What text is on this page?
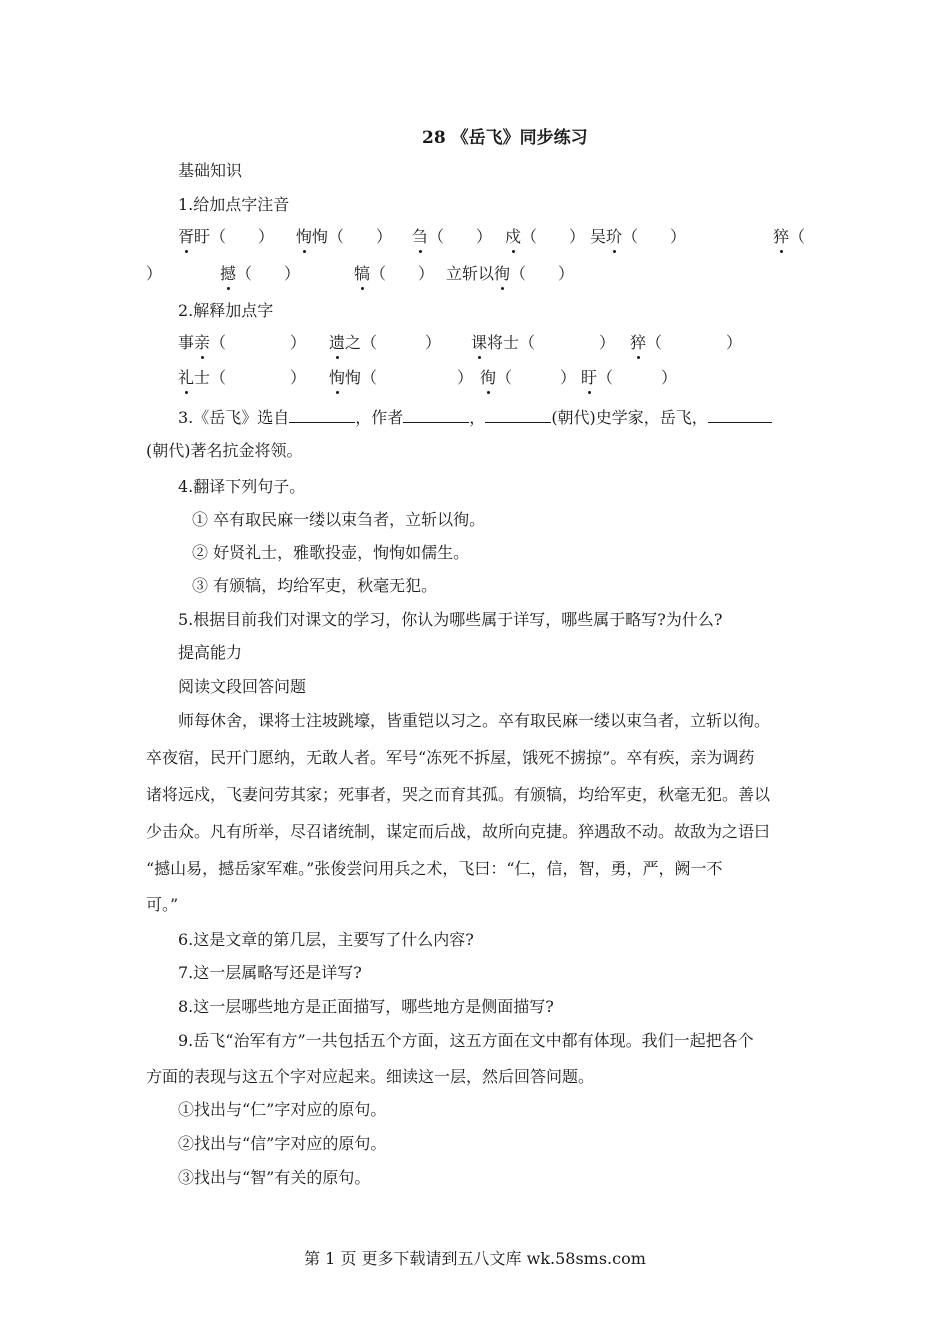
28 《岳飞》同步练习
基础知识
1.给加点字注音
胥盱（　　） 恂恂（　　） 刍（　　） 戍（　　） 吴玠（　　）	猝（
）	撼（　　）	犒（　　） 立斩以徇（　　）
2.解释加点字
事亲（　　　　） 遗之（　　　） 课将士（　　　　） 猝（　　　　）
礼士（　　　　） 恂恂（　　　　　） 徇（　　　） 盱（　　　）
3.《岳飞》选自	，作者	，	(朝代)史学家，岳飞，
(朝代)著名抗金将领。
4.翻译下列句子。
① 卒有取民麻一缕以束刍者，立斩以徇。
② 好贤礼士，雅歌投壶，恂恂如儒生。
③ 有颁犒，均给军吏，秋毫无犯。
5.根据目前我们对课文的学习，你认为哪些属于详写，哪些属于略写?为什么?
提高能力
阅读文段回答问题
师每休舍，课将士注坡跳壕，皆重铠以习之。卒有取民麻一缕以束刍者，立斩以徇。
卒夜宿，民开门愿纳，无敢人者。军号“冻死不拆屋，饿死不掳掠”。卒有疾，亲为调药
诸将远戍，飞妻问劳其家；死事者，哭之而育其孤。有颁犒，均给军吏，秋毫无犯。善以
少击众。凡有所举，尽召诸统制，谋定而后战，故所向克捷。猝遇敌不动。故敌为之语曰
“撼山易，撼岳家军难。”张俊尝问用兵之术，飞曰：“仁，信，智，勇，严，阙一不
可。”
6.这是文章的第几层，主要写了什么内容?
7.这一层属略写还是详写?
8.这一层哪些地方是正面描写，哪些地方是侧面描写?
9.岳飞“治军有方”一共包括五个方面，这五方面在文中都有体现。我们一起把各个
方面的表现与这五个字对应起来。细读这一层，然后回答问题。
①找出与“仁”字对应的原句。
②找出与“信”字对应的原句。
③找出与“智”有关的原句。
第 1 页 更多下载请到五八文库 wk.58sms.com
